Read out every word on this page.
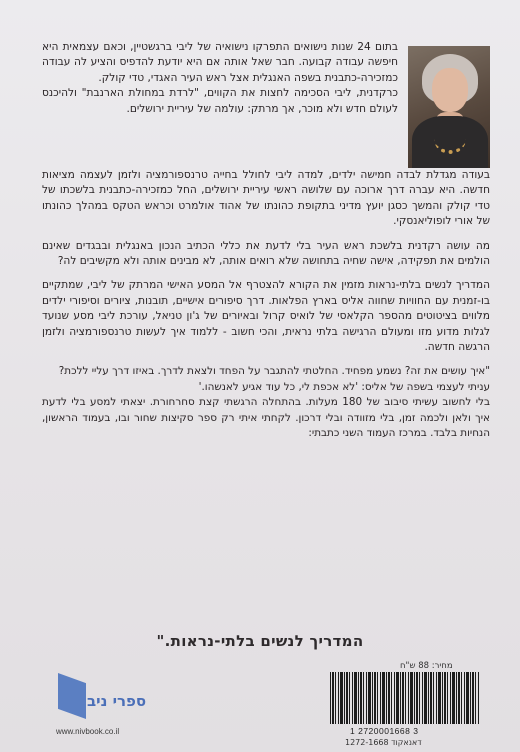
בתום 24 שנות נישואים התפרקו נישואיה של ליבי ברגשטיין, וכאם עצמאית היא חיפשה עבודה קבועה. חבר שאל אותה אם היא יודעת להדפיס והציע לה עבודה כמזכירה-כתבנית בשפה האנגלית אצל ראש העיר האגדי, טדי קולק.

כרקדנית, ליבי הסכימה לחצות את הקווים, "לרדת במחולת הארנבת" ולהיכנס לעולם חדש ולא מוכר, אך מרתק: עולמה של עיריית ירושלים.

בעודה מגדלת לבדה חמישה ילדים, למדה ליבי לחולל בחייה טרנספורמציה ולזמן לעצמה מציאות חדשה. היא עברה דרך ארוכה עם שלושה ראשי עיריית ירושלים, החל כמזכירה-כתבנית בלשכתו של טדי קולק והמשך כסגן יועץ מדיני בתקופת כהונתו של אהוד אולמרט וכראש הטקס במהלך כהונתו של אורי לופוליאנסקי.

מה עושה רקדנית בלשכת ראש העיר בלי לדעת את כללי הכתיב הנכון באנגלית ובבגדים שאינם הולמים את תפקידה, אישה שחיה בתחושה שלא רואים אותה, לא מבינים אותה ולא מקשיבים לה?

המדריך לנשים בלתי-נראות מזמין את הקורא להצטרף אל המסע האישי המרתק של ליבי, שמתקיים בו-זמנית עם החוויות שחווה אליס בארץ הפלאות. דרך סיפורים אישיים, תובנות, ציורים וסיפורי ילדים מלווים בציטוטים מהספר הקלאסי של לואיס קרול ובאיורים של ג'ון טניאל, עורכת ליבי מסע שנועד לגלות מדוע מזו ומעולם הרגישה בלתי נראית, והכי חשוב - ללמוד איך לעשות טרנספורמציה ולזמן הרגשה חדשה.

"איך עושים את זה? נשמע מפחיד. החלטתי להתגבר על הפחד ולצאת לדרך. באיזו דרך עליי ללכת?

עניתי לעצמי בשפה של אליס: 'לא אכפת לי, כל עוד אגיע לאנשהו.'

בלי לחשוב עשיתי סיבוב של 180 מעלות. בהתחלה הרגשתי קצת סחרחורת. יצאתי למסע בלי לדעת איך ולאן ולכמה זמן, בלי מזוודה ובלי דרכון. לקחתי איתי רק ספר סקיצות שחור ובו, בעמוד הראשון, הנחיות בלבד. במרכז העמוד השני כתבתי:

המדריך לנשים בלתי-נראות."
ספרי ניב
www.nivbook.co.il
מחיר: 88 ש"ח
1 2720001668 3
דאנאקוד 1272-1668
